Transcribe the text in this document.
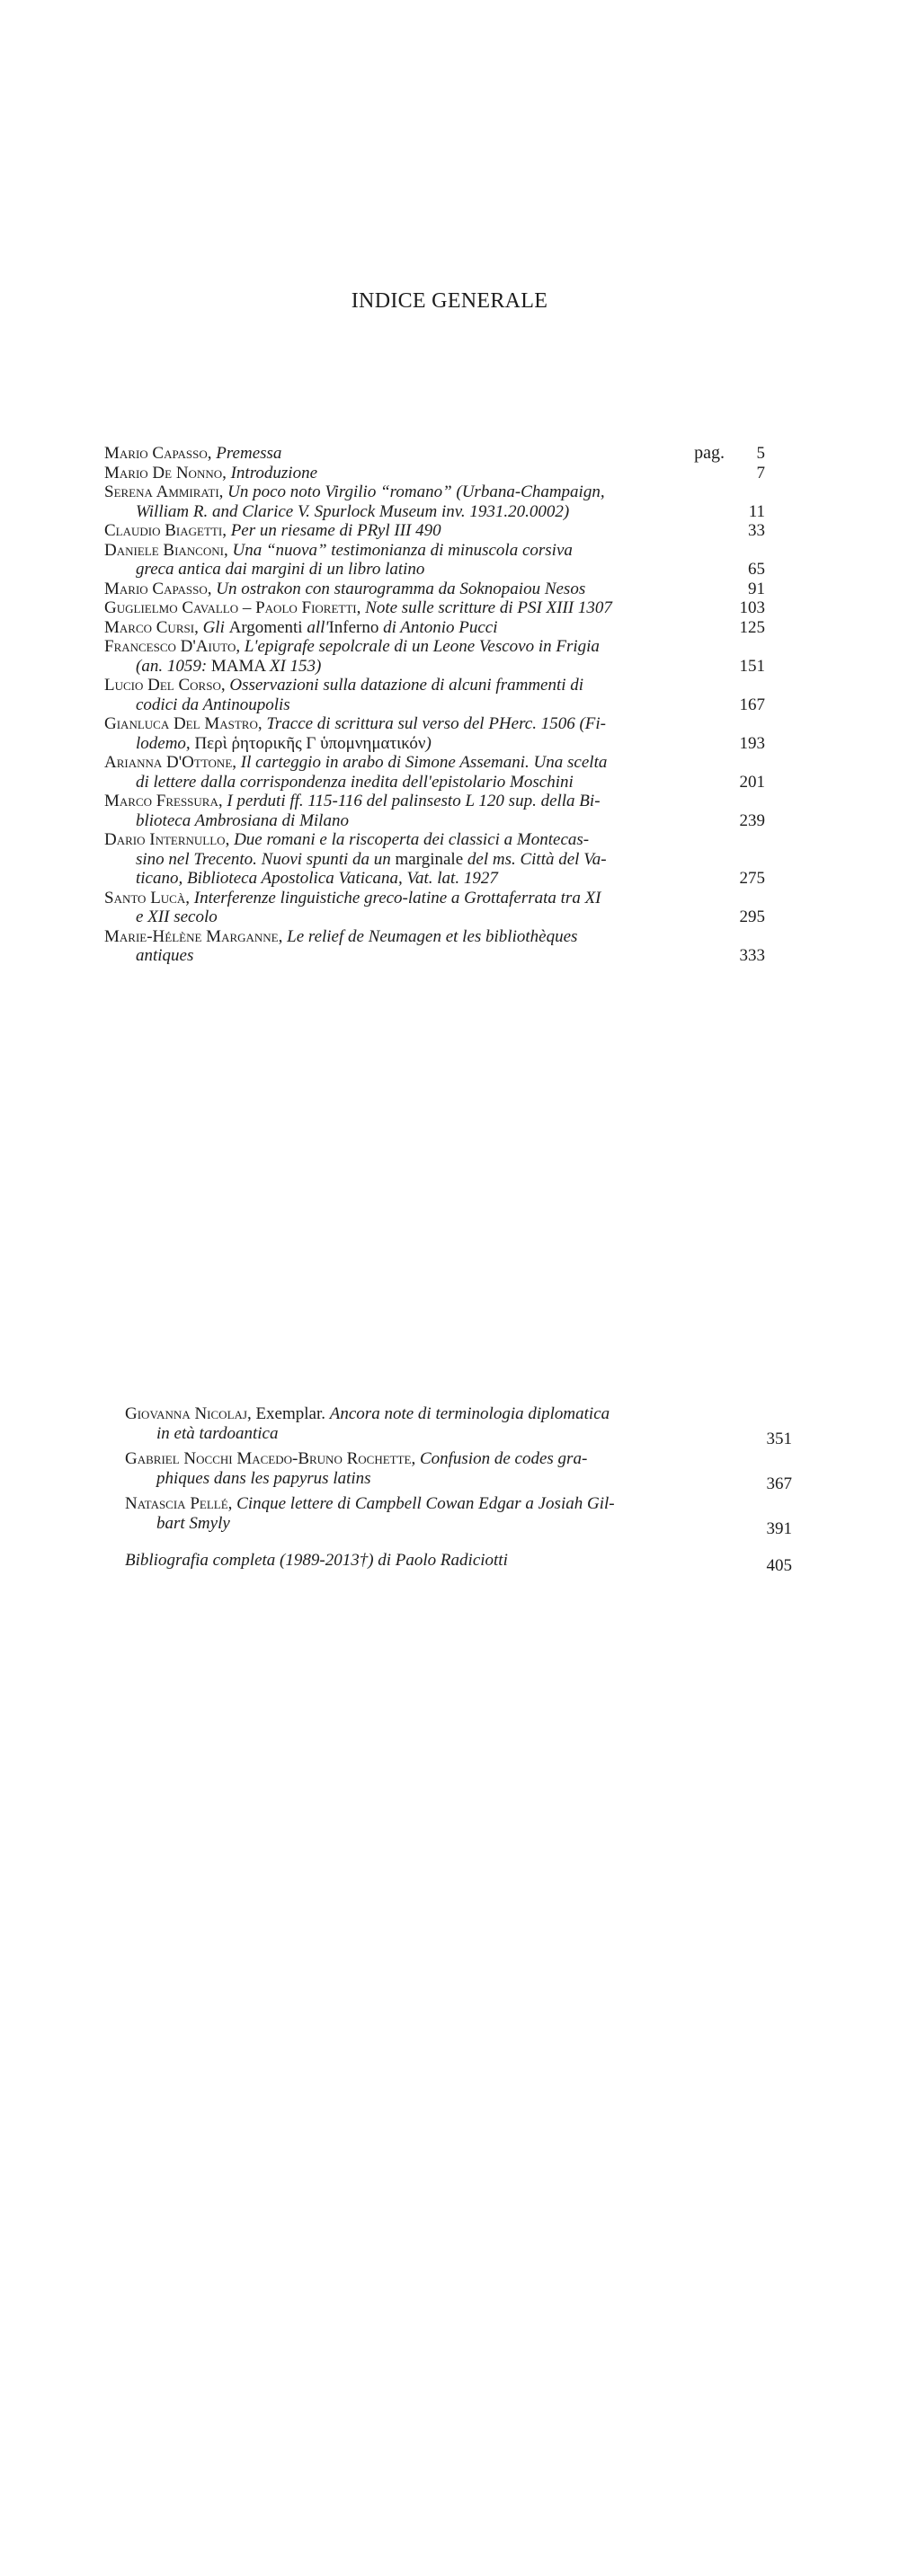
INDICE GENERALE
Mario Capasso, Premessa	pag. 5
Mario De Nonno, Introduzione	7
Serena Ammirati, Un poco noto Virgilio “romano” (Urbana-Champaign,
William R. and Clarice V. Spurlock Museum inv. 1931.20.0002)	11
Claudio Biagetti, Per un riesame di PRyl III 490	33
Daniele Bianconi, Una “nuova” testimonianza di minuscola corsiva
greca antica dai margini di un libro latino	65
Mario Capasso, Un ostrakon con staurogramma da Soknopaiou Nesos	91
Guglielmo Cavallo – Paolo Fioretti, Note sulle scritture di PSI XIII 1307	103
Marco Cursi, Gli Argomenti all'Inferno di Antonio Pucci	125
Francesco D'Aiuto, L'epigrafe sepolcrale di un Leone Vescovo in Frigia
(an. 1059: MAMA XI 153)	151
Lucio Del Corso, Osservazioni sulla datazione di alcuni frammenti di
codici da Antinoupolis	167
Gianluca Del Mastro, Tracce di scrittura sul verso del PHerc. 1506 (Fi-
lodemo, Περὶ ῥητορικῆς Γ ὑπομνηματικόν)	193
Arianna D'Ottone, Il carteggio in arabo di Simone Assemani. Una scelta
di lettere dalla corrispondenza inedita dell'epistolario Moschini	201
Marco Fressura, I perduti ff. 115-116 del palinsesto L 120 sup. della Bi-
blioteca Ambrosiana di Milano	239
Dario Internullo, Due romani e la riscoperta dei classici a Montecas-
sino nel Trecento. Nuovi spunti da un marginale del ms. Città del Va-
ticano, Biblioteca Apostolica Vaticana, Vat. lat. 1927	275
Santo Lucà, Interferenze linguistiche greco-latine a Grottaferrata tra XI
e XII secolo	295
Marie-Hélène Marganne, Le relief de Neumagen et les bibliothèques
antiques	333
Giovanna Nicolaj, Exemplar. Ancora note di terminologia diplomatica
in età tardoantica	351
Gabriel Nocchi Macedo-Bruno Rochette, Confusion de codes gra-
phiques dans les papyrus latins	367
Natascia Pellé, Cinque lettere di Campbell Cowan Edgar a Josiah Gil-
bart Smyly	391
Bibliografia completa (1989-2013†) di Paolo Radiciotti	405
